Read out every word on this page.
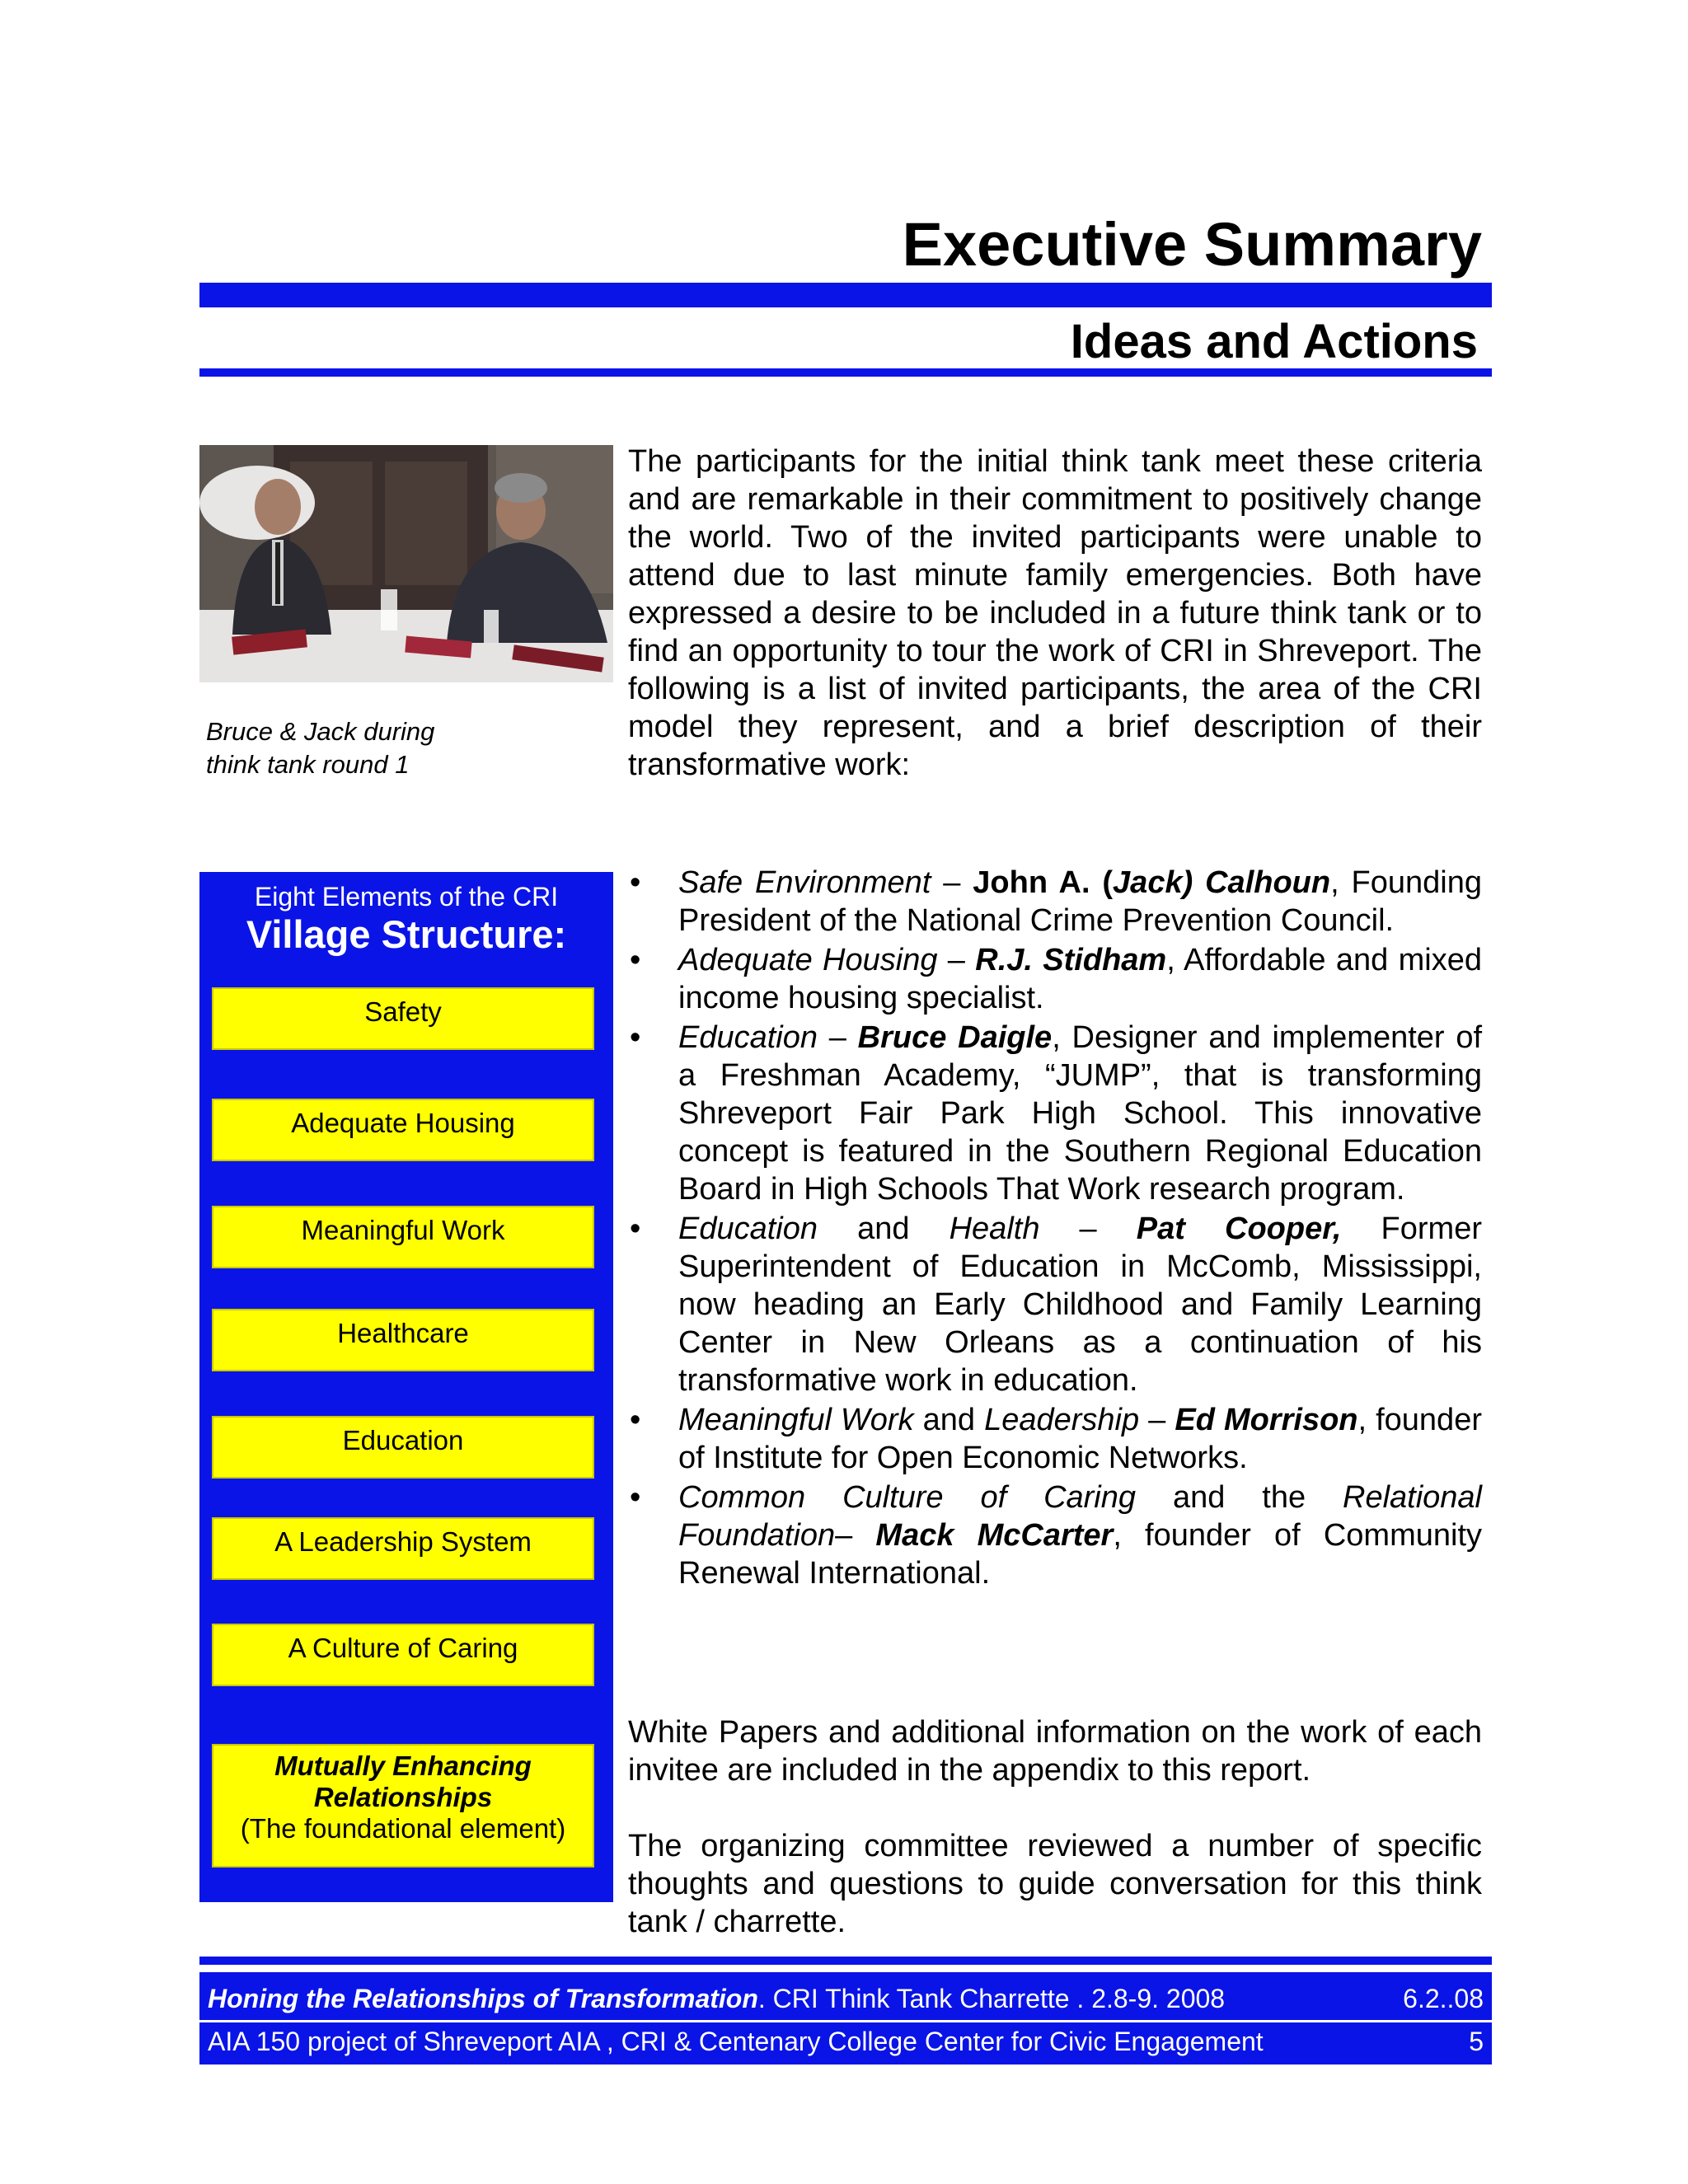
Executive Summary
Ideas and Actions
Bruce & Jack during
think tank round 1
The participants for the initial think tank meet these criteria and are remarkable in their commitment to positively change the world. Two of the invited participants were unable to attend due to last minute family emergencies. Both have expressed a desire to be included in a future think tank or to find an opportunity to tour the work of CRI in Shreveport. The following is a list of invited participants, the area of the CRI model they represent, and a brief description of their transformative work:
• Safe Environment – John A. (Jack) Calhoun, Founding President of the National Crime Prevention Council.
• Adequate Housing – R.J. Stidham, Affordable and mixed income housing specialist.
• Education – Bruce Daigle, Designer and implementer of a Freshman Academy, “JUMP”, that is transforming Shreveport Fair Park High School. This innovative concept is featured in the Southern Regional Education Board in High Schools That Work research program.
• Education and Health – Pat Cooper, Former Superintendent of Education in McComb, Mississippi, now heading an Early Childhood and Family Learning Center in New Orleans as a continuation of his transformative work in education.
• Meaningful Work and Leadership – Ed Morrison, founder of Institute for Open Economic Networks.
• Common Culture of Caring and the Relational Foundation– Mack McCarter, founder of Community Renewal International.
White Papers and additional information on the work of each invitee are included in the appendix to this report.
The organizing committee reviewed a number of specific thoughts and questions to guide conversation for this think tank / charrette.
Eight Elements of the CRI
Village Structure:
Safety
Adequate Housing
Meaningful Work
Healthcare
Education
A Leadership System
A Culture of Caring
Mutually Enhancing
Relationships
(The foundational element)
Honing the Relationships of Transformation. CRI Think Tank Charrette . 2.8-9. 2008	6.2..08
AIA 150 project of Shreveport AIA , CRI & Centenary College Center for Civic Engagement	5
